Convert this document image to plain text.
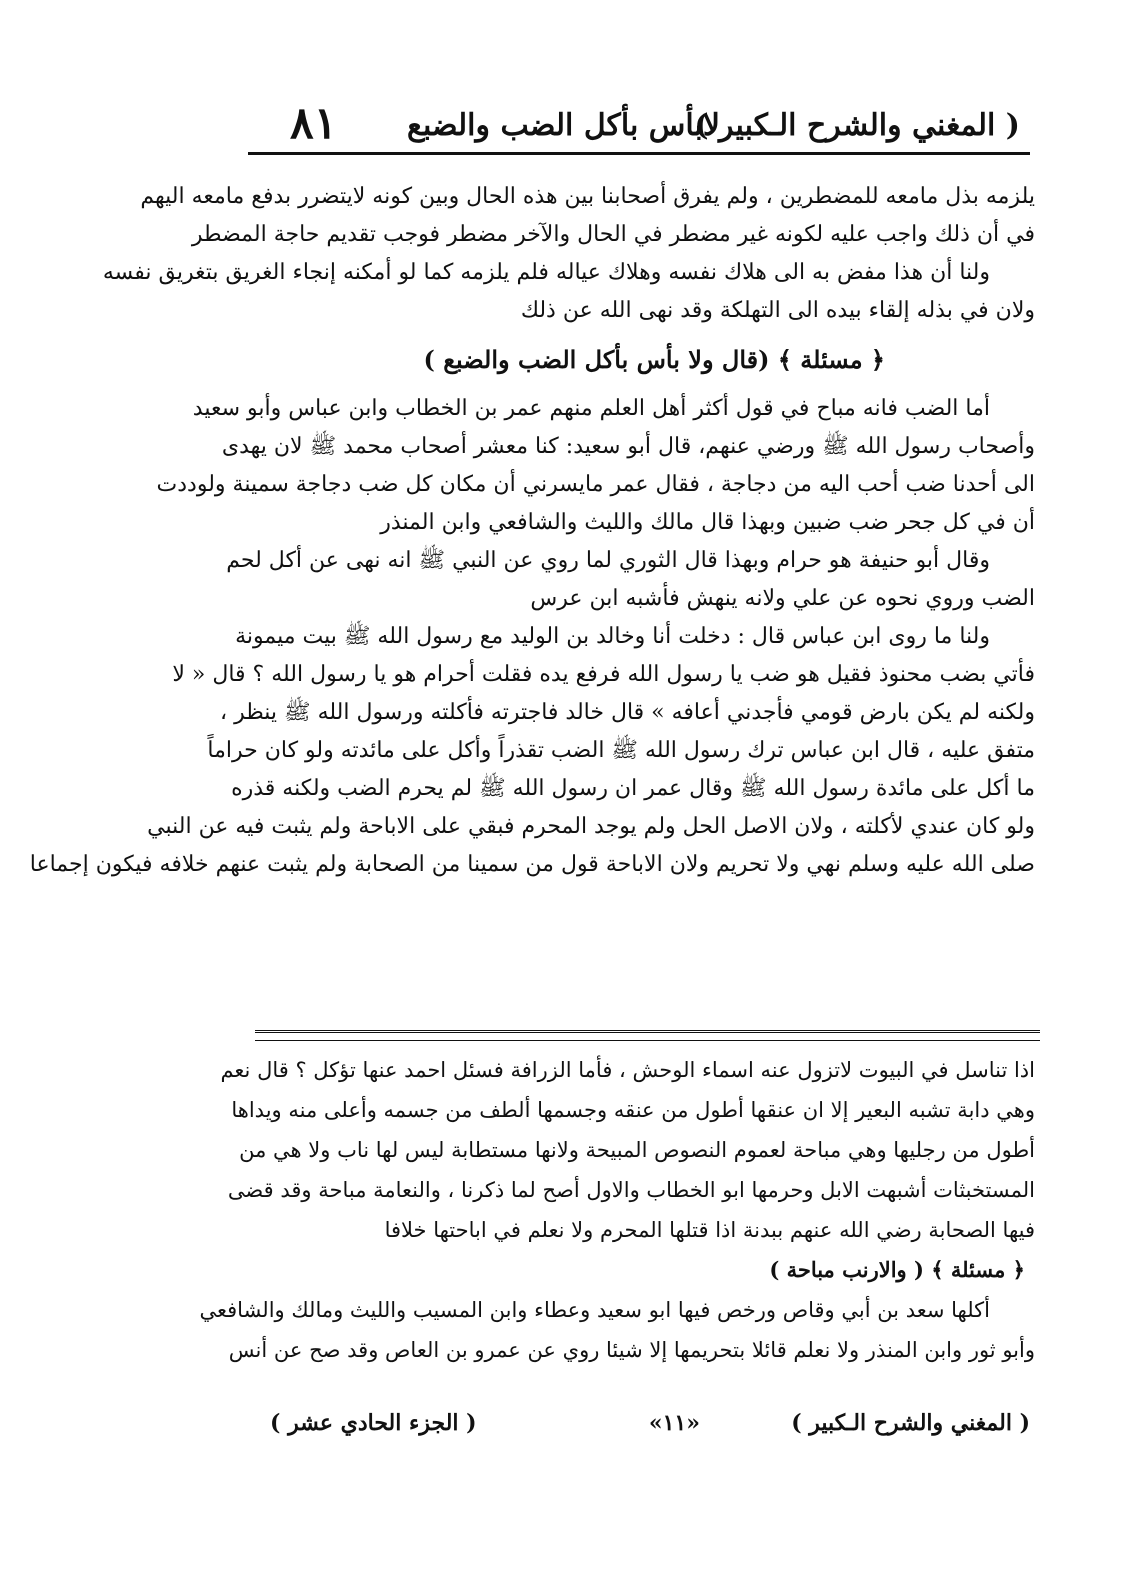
( المغني والشرح الـكبير )
لابأس بأكل الضب والضبع
٨١
يلزمه بذل مامعه للمضطرين ، ولم يفرق أصحابنا بين هذه الحال وبين كونه لايتضرر بدفع مامعه اليهم
في أن ذلك واجب عليه لكونه غير مضطر في الحال والآخر مضطر فوجب تقديم حاجة المضطر
ولنا أن هذا مفض به الى هلاك نفسه وهلاك عياله فلم يلزمه كما لو أمكنه إنجاء الغريق بتغريق نفسه
ولان في بذله إلقاء بيده الى التهلكة وقد نهى الله عن ذلك
﴿ مسئلة ﴾ (قال ولا بأس بأكل الضب والضبع )
أما الضب فانه مباح في قول أكثر أهل العلم منهم عمر بن الخطاب وابن عباس وأبو سعيد
وأصحاب رسول الله ﷺ ورضي عنهم، قال أبو سعيد: كنا معشر أصحاب محمد ﷺ لان يهدى
الى أحدنا ضب أحب اليه من دجاجة ، فقال عمر مايسرني أن مكان كل ضب دجاجة سمينة ولوددت
أن في كل جحر ضب ضبين وبهذا قال مالك والليث والشافعي وابن المنذر
وقال أبو حنيفة هو حرام وبهذا قال الثوري لما روي عن النبي ﷺ انه نهى عن أكل لحم
الضب وروي نحوه عن علي ولانه ينهش فأشبه ابن عرس
ولنا ما روى ابن عباس قال : دخلت أنا وخالد بن الوليد مع رسول الله ﷺ بيت ميمونة
فأتي بضب محنوذ فقيل هو ضب يا رسول الله فرفع يده فقلت أحرام هو يا رسول الله ؟ قال « لا
ولكنه لم يكن بارض قومي فأجدني أعافه » قال خالد فاجترته فأكلته ورسول الله ﷺ ينظر ،
متفق عليه ، قال ابن عباس ترك رسول الله ﷺ الضب تقذراً وأكل على مائدته ولو كان حراماً
ما أكل على مائدة رسول الله ﷺ وقال عمر ان رسول الله ﷺ لم يحرم الضب ولكنه قذره
ولو كان عندي لأكلته ، ولان الاصل الحل ولم يوجد المحرم فبقي على الاباحة ولم يثبت فيه عن النبي
صلى الله عليه وسلم نهي ولا تحريم ولان الاباحة قول من سمينا من الصحابة ولم يثبت عنهم خلافه فيكون إجماعا
اذا تناسل في البيوت لاتزول عنه اسماء الوحش ، فأما الزرافة فسئل احمد عنها تؤكل ؟ قال نعم
وهي دابة تشبه البعير إلا ان عنقها أطول من عنقه وجسمها ألطف من جسمه وأعلى منه ويداها
أطول من رجليها وهي مباحة لعموم النصوص المبيحة ولانها مستطابة ليس لها ناب ولا هي من
المستخبثات أشبهت الابل وحرمها ابو الخطاب والاول أصح لما ذكرنا ، والنعامة مباحة وقد قضى
فيها الصحابة رضي الله عنهم ببدنة اذا قتلها المحرم ولا نعلم في اباحتها خلافا
﴿ مسئلة ﴾ ( والارنب مباحة )
أكلها سعد بن أبي وقاص ورخص فيها ابو سعيد وعطاء وابن المسيب والليث ومالك والشافعي
وأبو ثور وابن المنذر ولا نعلم قائلا بتحريمها إلا شيئا روي عن عمرو بن العاص وقد صح عن أنس
( المغني والشرح الـكبير )
«١١»
( الجزء الحادي عشر )
